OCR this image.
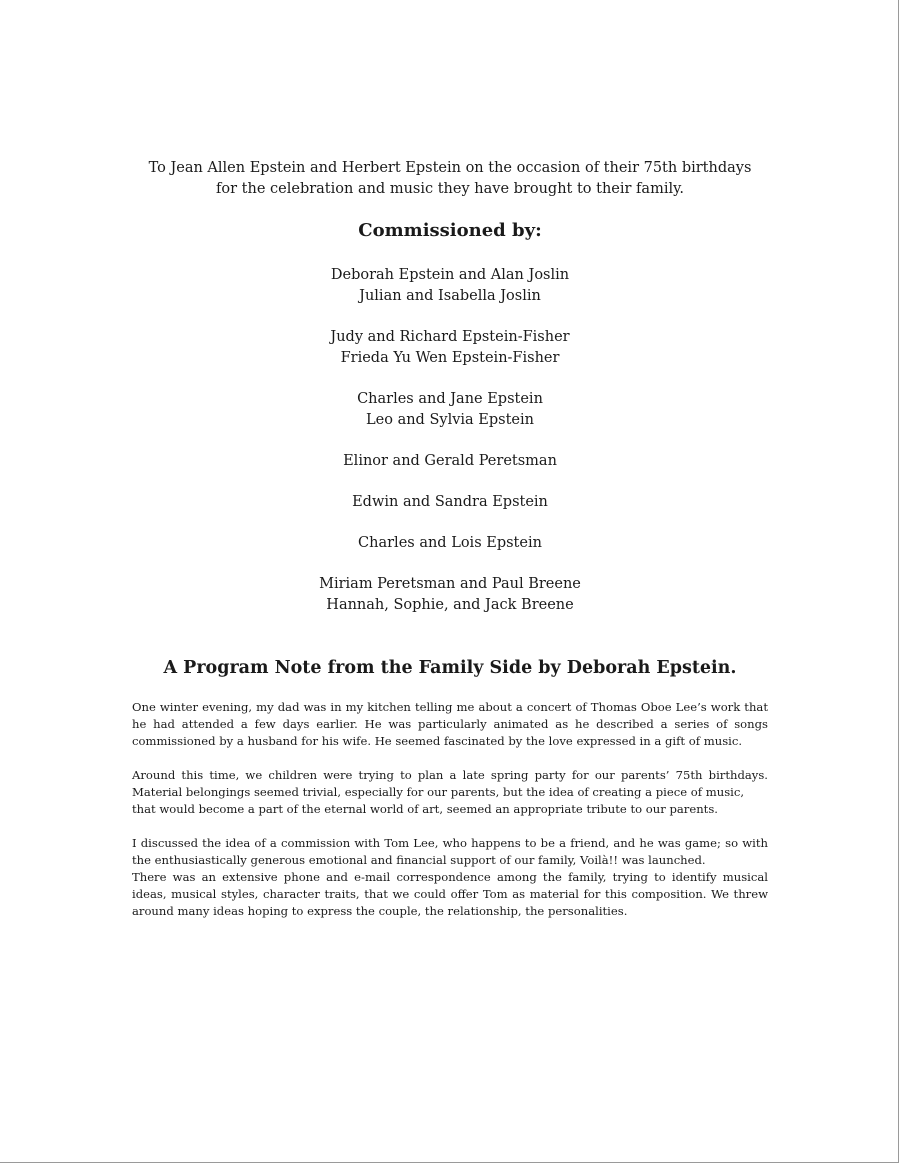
To Jean Allen Epstein and Herbert Epstein on the occasion of their 75th birthdays
for the celebration and music they have brought to their family.
Commissioned by:
Deborah Epstein and Alan Joslin
Julian and Isabella Joslin
Judy and Richard Epstein-Fisher
Frieda Yu Wen Epstein-Fisher
Charles and Jane Epstein
Leo and Sylvia Epstein
Elinor and Gerald Peretsman
Edwin and Sandra Epstein
Charles and Lois Epstein
Miriam Peretsman and Paul Breene
Hannah, Sophie, and Jack Breene
A Program Note from the Family Side by Deborah Epstein.

One winter evening, my dad was in my kitchen telling me about a concert of Thomas Oboe Lee’s work that he had attended a few days earlier. He was particularly animated as he described a series of songs commissioned by a husband for his wife. He seemed fascinated by the love expressed in a gift of music.

Around this time, we children were trying to plan a late spring party for our parents’ 75th birthdays. Material belongings seemed trivial, especially for our parents, but the idea of creating a piece of music,

that would become a part of the eternal world of art, seemed an appropriate tribute to our parents.

I discussed the idea of a commission with Tom Lee, who happens to be a friend, and he was game; so with the enthusiastically generous emotional and financial support of our family, Voilà!! was launched.

There was an extensive phone and e-mail correspondence among the family, trying to identify musical ideas, musical styles, character traits, that we could offer Tom as material for this composition. We threw around many ideas hoping to express the couple, the relationship, the personalities.
